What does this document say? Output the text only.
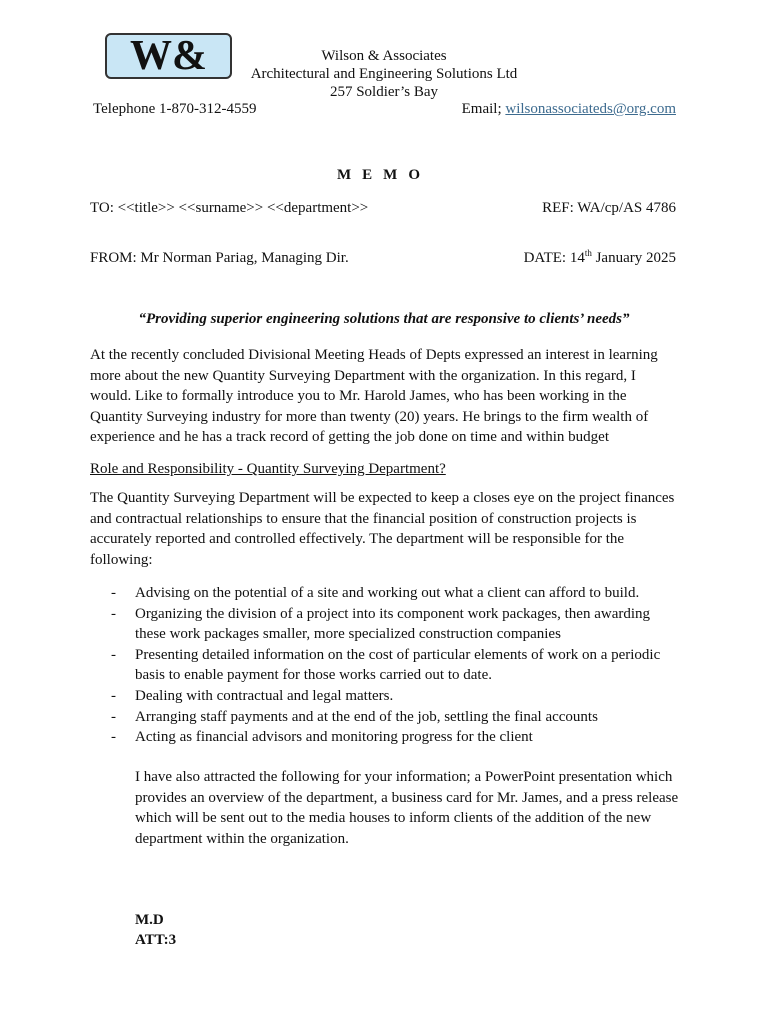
W&	Wilson & Associates
Architectural and Engineering Solutions Ltd
257 Soldier’s Bay
Telephone 1-870-312-4559	Email; wilsonassociateds@org.com
MEMO
TO: <<title>> <<surname>> <<department>>	REF: WA/cp/AS 4786
FROM: Mr Norman Pariag, Managing Dir.	DATE: 14th January 2025
“Providing superior engineering solutions that are responsive to clients’ needs”

At the recently concluded Divisional Meeting Heads of Depts expressed an interest in learning more about the new Quantity Surveying Department with the organization. In this regard, I would. Like to formally introduce you to Mr. Harold James, who has been working in the Quantity Surveying industry for more than twenty (20) years. He brings to the firm wealth of experience and he has a track record of getting the job done on time and within budget

Role and Responsibility - Quantity Surveying Department?

The Quantity Surveying Department will be expected to keep a closes eye on the project finances and contractual relationships to ensure that the financial position of construction projects is accurately reported and controlled effectively. The department will be responsible for the following:

- Advising on the potential of a site and working out what a client can afford to build.
- Organizing the division of a project into its component work packages, then awarding these work packages smaller, more specialized construction companies
- Presenting detailed information on the cost of particular elements of work on a periodic basis to enable payment for those works carried out to date.
- Dealing with contractual and legal matters.
- Arranging staff payments and at the end of the job, settling the final accounts
- Acting as financial advisors and monitoring progress for the client

I have also attracted the following for your information; a PowerPoint presentation which provides an overview of the department, a business card for Mr. James, and a press release which will be sent out to the media houses to inform clients of the addition of the new department within the organization.

M.D
ATT:3
